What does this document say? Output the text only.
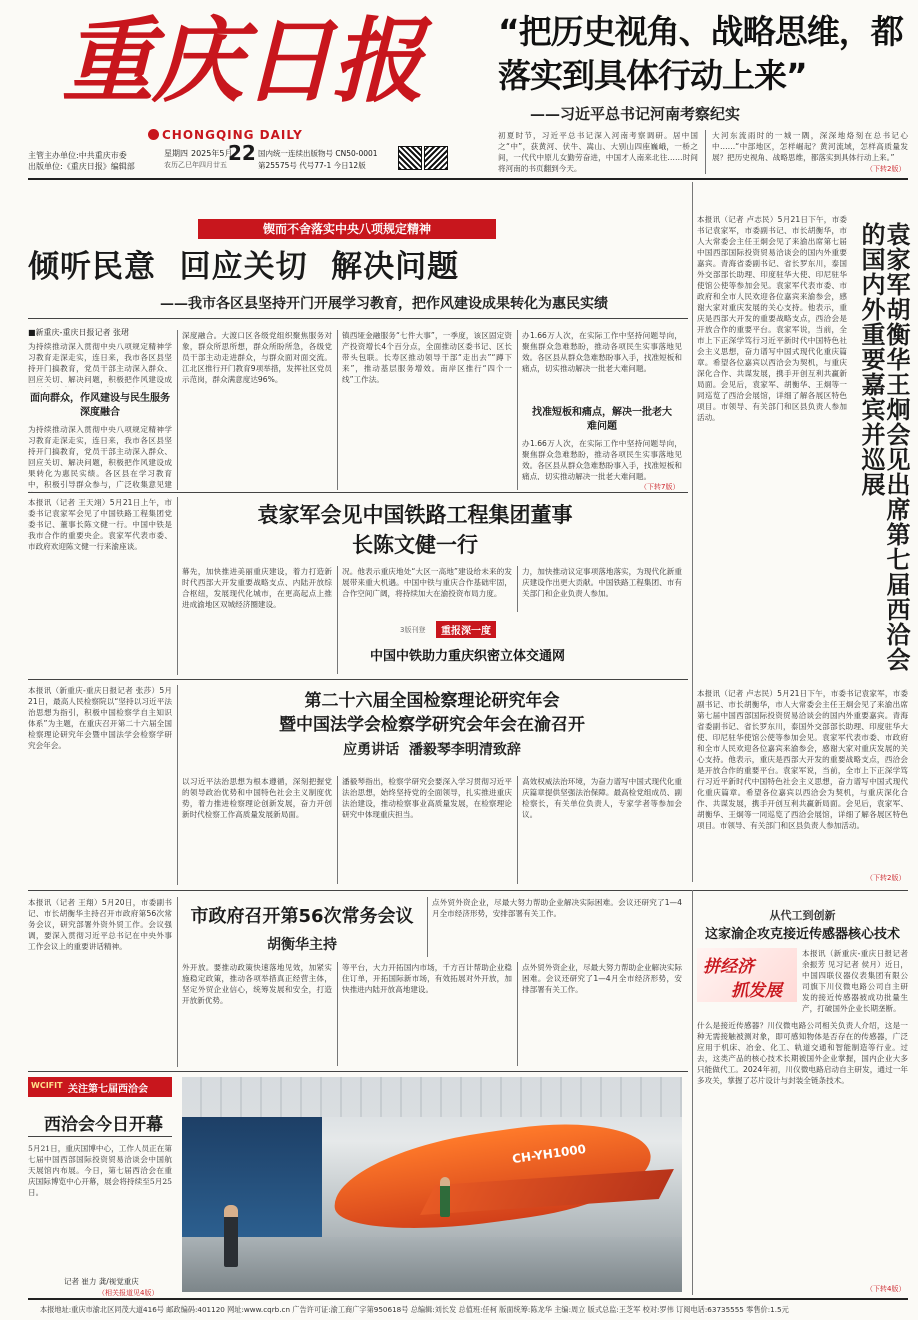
重庆日报
CHONGQING DAILY
主管主办单位:中共重庆市委
出版单位:《重庆日报》编辑部
星期四 2025年5月
22
农历乙巳年四月廿五
国内统一连续出版物号 CN50-0001
第25575号 代号77-1 今日12版
“把历史视角、战略思维，都落实到具体行动上来”
——习近平总书记河南考察纪实
初夏时节，习近平总书记深入河南考察调研。居中国之“中”，获黄河、伏牛、嵩山、大别山四座巍峨，一桥之间，一代代中原儿女勤劳奋进，中国才人南来北往……时间将河南的书页翻到今天。
大河东流雨时的一城一隅，深深地烙刻在总书记心中……“中部地区，怎样崛起？黄河流域，怎样高质量发展？把历史视角、战略思维，都落实到具体行动上来。”
（下转2版）
锲而不舍落实中央八项规定精神
倾听民意  回应关切  解决问题
——我市各区县坚持开门开展学习教育，把作风建设成果转化为惠民实绩
■新重庆-重庆日报记者 张珺
为持续推动深入贯彻中央八项规定精神学习教育走深走实，连日来，我市各区县坚持开门搞教育，党员干部主动深入群众、回应关切、解决问题，积极把作风建设成
面向群众，作风建设与民生服务深度融合
为持续推动深入贯彻中央八项规定精神学习教育走深走实，连日来，我市各区县坚持开门搞教育，党员干部主动深入群众、回应关切、解决问题，积极把作风建设成果转化为惠民实绩。各区县在学习教育中，积极引导群众参与，广泛收集意见建
深度融合。大渡口区各级党组织聚焦服务对象，群众所思所想，群众所盼所急，各级党员干部主动走进群众，与群众面对面交流。江北区推行开门教育9项举措，发挥社区党员示范岗，群众满意度达96%。
镇西垭金融服务“七件大事”，一季度，该区固定资产投资增长4个百分点，全面推动区委书记、区长带头包联。长寿区推动领导干部“走出去”“蹲下来”，推动基层服务增效。南岸区推行“四个一线”工作法。
办1.66万人次，在实际工作中坚持问题导向，聚焦群众急难愁盼，推动各项民生实事落地见效。各区县从群众急难愁盼事入手，找准短板和痛点，切实推动解决一批老大难问题。
找准短板和痛点，解决一批老大难问题
办1.66万人次，在实际工作中坚持问题导向，聚焦群众急难愁盼，推动各项民生实事落地见效。各区县从群众急难愁盼事入手，找准短板和痛点，切实推动解决一批老大难问题。
（下转7版）
本报讯（记者 卢志民）5月21日下午，市委书记袁家军，市委副书记、市长胡衡华，市人大常委会主任王炯会见了来渝出席第七届中国西部国际投资贸易洽谈会的国内外重要嘉宾。青海省委副书记、省长罗东川，泰国外交部部长助理、印度驻华大使、印尼驻华使馆公使等参加会见。袁家军代表市委、市政府和全市人民欢迎各位嘉宾来渝参会，感谢大家对重庆发展的关心支持。他表示，重庆是西部大开发的重要战略支点，西洽会是开放合作的重要平台。袁家军说，当前，全市上下正深学笃行习近平新时代中国特色社会主义思想，奋力谱写中国式现代化重庆篇章。希望各位嘉宾以西洽会为契机，与重庆深化合作、共谋发展，携手开创互利共赢新局面。会见后，袁家军、胡衡华、王炯等一同巡览了西洽会展馆，详细了解各展区特色项目。市领导、有关部门和区县负责人参加活动。	袁家军胡衡华王炯会见出席第七届西洽会的国内外重要嘉宾并巡展
本报讯（记者 卢志民）5月21日下午，市委书记袁家军，市委副书记、市长胡衡华，市人大常委会主任王炯会见了来渝出席第七届中国西部国际投资贸易洽谈会的国内外重要嘉宾。青海省委副书记、省长罗东川，泰国外交部部长助理、印度驻华大使、印尼驻华使馆公使等参加会见。袁家军代表市委、市政府和全市人民欢迎各位嘉宾来渝参会，感谢大家对重庆发展的关心支持。他表示，重庆是西部大开发的重要战略支点，西洽会是开放合作的重要平台。袁家军说，当前，全市上下正深学笃行习近平新时代中国特色社会主义思想，奋力谱写中国式现代化重庆篇章。希望各位嘉宾以西洽会为契机，与重庆深化合作、共谋发展，携手开创互利共赢新局面。会见后，袁家军、胡衡华、王炯等一同巡览了西洽会展馆，详细了解各展区特色项目。市领导、有关部门和区县负责人参加活动。
（下转2版）
本报讯（记者 王天翊）5月21日上午，市委书记袁家军会见了中国铁路工程集团党委书记、董事长陈文健一行。中国中铁是我市合作的重要央企。袁家军代表市委、市政府欢迎陈文健一行来渝座谈。
袁家军会见中国铁路工程集团董事长陈文健一行
幕先，加快推进美丽重庆建设，着力打造新时代西部大开发重要战略支点、内陆开放综合枢纽，发展现代化城市，在更高起点上推进成渝地区双城经济圈建设。
况。他表示重庆地处“大区一高地”建设给未来的发展带来重大机遇。中国中铁与重庆合作基础牢固，合作空间广阔，将持续加大在渝投资布局力度。
力，加快推动议定事项落地落实，为现代化新重庆建设作出更大贡献。中国铁路工程集团、市有关部门和企业负责人参加。
3版刊登	重报深一度
中国中铁助力重庆织密立体交通网
本报讯（新重庆-重庆日报记者 张莎）5月21日，最高人民检察院以“坚持以习近平法治思想为指引，积极中国检察学自主知识体系”为主题，在重庆召开第二十六届全国检察理论研究年会暨中国法学会检察学研究会年会。
第二十六届全国检察理论研究年会
暨中国法学会检察学研究会年会在渝召开
应勇讲话  潘毅琴李明清致辞
以习近平法治思想为根本遵循，深刻把握党的领导政治优势和中国特色社会主义制度优势，着力推进检察理论创新发展，奋力开创新时代检察工作高质量发展新局面。
潘毅琴指出，检察学研究会要深入学习贯彻习近平法治思想，始终坚持党的全面领导，扎实推进重庆法治建设，推动检察事业高质量发展，在检察理论研究中体现重庆担当。
高效权威法治环境，为奋力谱写中国式现代化重庆篇章提供坚强法治保障。最高检党组成员、副检察长，有关单位负责人，专家学者等参加会议。
本报讯（记者 王翔）5月20日，市委副书记、市长胡衡华主持召开市政府第56次常务会议，研究部署外资外贸工作。会议强调，要深入贯彻习近平总书记在中央外事工作会议上的重要讲话精神。
市政府召开第56次常务会议
胡衡华主持
点外贸外资企业，尽最大努力帮助企业解决实际困难。会议还研究了1—4月全市经济形势，安排部署有关工作。
外开放。要推动政策快速落地见效，加紧实施稳定政策，推动各项举措真正经营主体，坚定外贸企业信心，统筹发展和安全，打造开放新优势。
等平台，大力开拓国内市场，千方百计帮助企业稳住订单，开拓国际新市场，有效拓展对外开放，加快推进内陆开放高地建设。
点外贸外资企业，尽最大努力帮助企业解决实际困难。会议还研究了1—4月全市经济形势，安排部署有关工作。
WCIFIT 关注第七届西洽会
西洽会今日开幕
5月21日，重庆国博中心，工作人员正在第七届中国西部国际投资贸易洽谈会中国航天展馆内布展。今日，第七届西洽会在重庆国际博览中心开幕，展会将持续至5月25日。
记者 崔力 龚/视觉重庆
（相关报道见4版）
CH-YH1000
从代工到创新
这家渝企攻克接近传感器核心技术
拼经济
抓发展
本报讯（新重庆-重庆日报记者 余振芳 见习记者 侯月）近日，中国四联仪器仪表集团有限公司旗下川仪微电路公司自主研发的接近传感器被成功批量生产，打破国外企业长期垄断。
什么是接近传感器？川仪微电路公司相关负责人介绍，这是一种无需接触被测对象，即可感知物体是否存在的传感器，广泛应用于机床、冶金、化工、轨道交通和智能制造等行业。过去，这类产品的核心技术长期被国外企业掌握，国内企业大多只能做代工。2024年初，川仪微电路启动自主研发，通过一年多攻关，掌握了芯片设计与封装全链条技术。
（下转4版）
本报地址:重庆市渝北区同茂大道416号 邮政编码:401120 网址:www.cqrb.cn 广告许可证:渝工商广字第950618号 总编辑:刘长发 总值班:任柯 版面统筹:陈龙华 主编:周立 版式总监:王芝军 校对:罗伟 订阅电话:63735555 零售价:1.5元
